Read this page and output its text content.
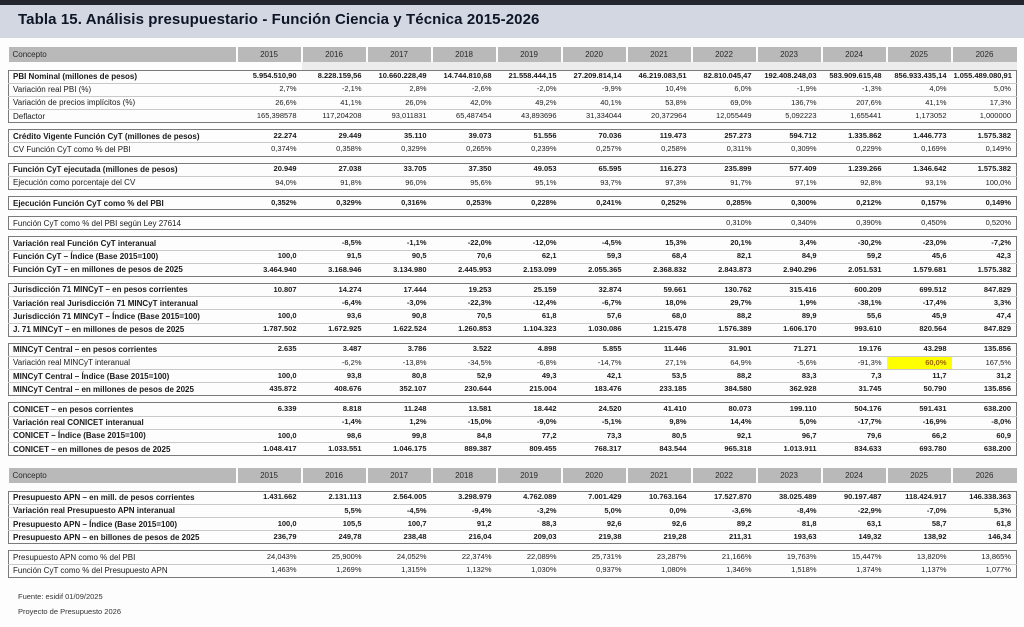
Tabla 15. Análisis presupuestario - Función Ciencia y Técnica 2015-2026
Concepto	2015	2016	2017	2018	2019	2020	2021	2022	2023	2024	2025	2026

PBI Nominal (millones de pesos)	5.954.510,90	8.228.159,56	10.660.228,49	14.744.810,68	21.558.444,15	27.209.814,14	46.219.083,51	82.810.045,47	192.408.248,03	583.909.615,48	856.933.435,14	1.055.489.080,91
Variación real PBI (%)	2,7%	-2,1%	2,8%	-2,6%	-2,0%	-9,9%	10,4%	6,0%	-1,9%	-1,3%	4,0%	5,0%
Variación de precios implícitos (%)	26,6%	41,1%	26,0%	42,0%	49,2%	40,1%	53,8%	69,0%	136,7%	207,6%	41,1%	17,3%
Deflactor	165,398578	117,204208	93,011831	65,487454	43,893696	31,334044	20,372964	12,055449	5,092223	1,655441	1,173052	1,000000

Crédito Vigente Función CyT (millones de pesos)	22.274	29.449	35.110	39.073	51.556	70.036	119.473	257.273	594.712	1.335.862	1.446.773	1.575.382
CV Función CyT como % del PBI	0,374%	0,358%	0,329%	0,265%	0,239%	0,257%	0,258%	0,311%	0,309%	0,229%	0,169%	0,149%

Función CyT ejecutada (millones de pesos)	20.949	27.038	33.705	37.350	49.053	65.595	116.273	235.899	577.409	1.239.266	1.346.642	1.575.382
Ejecución como porcentaje del CV	94,0%	91,8%	96,0%	95,6%	95,1%	93,7%	97,3%	91,7%	97,1%	92,8%	93,1%	100,0%

Ejecución Función CyT como % del PBI	0,352%	0,329%	0,316%	0,253%	0,228%	0,241%	0,252%	0,285%	0,300%	0,212%	0,157%	0,149%

Función CyT como % del PBI según Ley 27614								0,310%	0,340%	0,390%	0,450%	0,520%

Variación real Función CyT interanual		-8,5%	-1,1%	-22,0%	-12,0%	-4,5%	15,3%	20,1%	3,4%	-30,2%	-23,0%	-7,2%
Función CyT – Índice (Base 2015=100)	100,0	91,5	90,5	70,6	62,1	59,3	68,4	82,1	84,9	59,2	45,6	42,3
Función CyT – en millones de pesos de 2025	3.464.940	3.168.946	3.134.980	2.445.953	2.153.099	2.055.365	2.368.832	2.843.873	2.940.296	2.051.531	1.579.681	1.575.382

Jurisdicción 71 MINCyT – en pesos corrientes	10.807	14.274	17.444	19.253	25.159	32.874	59.661	130.762	315.416	600.209	699.512	847.829
Variación real Jurisdicción 71 MINCyT interanual		-6,4%	-3,0%	-22,3%	-12,4%	-6,7%	18,0%	29,7%	1,9%	-38,1%	-17,4%	3,3%
Jurisdicción 71 MINCyT – Índice (Base 2015=100)	100,0	93,6	90,8	70,5	61,8	57,6	68,0	88,2	89,9	55,6	45,9	47,4
J. 71 MINCyT – en millones de pesos de 2025	1.787.502	1.672.925	1.622.524	1.260.853	1.104.323	1.030.086	1.215.478	1.576.389	1.606.170	993.610	820.564	847.829

MINCyT Central – en pesos corrientes	2.635	3.487	3.786	3.522	4.898	5.855	11.446	31.901	71.271	19.176	43.298	135.856
Variación real MINCyT interanual		-6,2%	-13,8%	-34,5%	-6,8%	-14,7%	27,1%	64,9%	-5,6%	-91,3%	60,0%	167,5%
MINCyT Central – Índice (Base 2015=100)	100,0	93,8	80,8	52,9	49,3	42,1	53,5	88,2	83,3	7,3	11,7	31,2
MINCyT Central – en millones de pesos de 2025	435.872	408.676	352.107	230.644	215.004	183.476	233.185	384.580	362.928	31.745	50.790	135.856

CONICET – en pesos corrientes	6.339	8.818	11.248	13.581	18.442	24.520	41.410	80.073	199.110	504.176	591.431	638.200
Variación real CONICET interanual		-1,4%	1,2%	-15,0%	-9,0%	-5,1%	9,8%	14,4%	5,0%	-17,7%	-16,9%	-8,0%
CONICET – Índice (Base 2015=100)	100,0	98,6	99,8	84,8	77,2	73,3	80,5	92,1	96,7	79,6	66,2	60,9
CONICET – en millones de pesos de 2025	1.048.417	1.033.551	1.046.175	889.387	809.455	768.317	843.544	965.318	1.013.911	834.633	693.780	638.200
Concepto	2015	2016	2017	2018	2019	2020	2021	2022	2023	2024	2025	2026

Presupuesto APN – en mill. de pesos corrientes	1.431.662	2.131.113	2.564.005	3.298.979	4.762.089	7.001.429	10.763.164	17.527.870	38.025.489	90.197.487	118.424.917	146.338.363
Variación real Presupuesto APN interanual		5,5%	-4,5%	-9,4%	-3,2%	5,0%	0,0%	-3,6%	-8,4%	-22,9%	-7,0%	5,3%
Presupuesto APN – Índice (Base 2015=100)	100,0	105,5	100,7	91,2	88,3	92,6	92,6	89,2	81,8	63,1	58,7	61,8
Presupuesto APN – en billones de pesos de 2025	236,79	249,78	238,48	216,04	209,03	219,38	219,28	211,31	193,63	149,32	138,92	146,34

Presupuesto APN como % del PBI	24,043%	25,900%	24,052%	22,374%	22,089%	25,731%	23,287%	21,166%	19,763%	15,447%	13,820%	13,865%
Función CyT como % del Presupuesto APN	1,463%	1,269%	1,315%	1,132%	1,030%	0,937%	1,080%	1,346%	1,518%	1,374%	1,137%	1,077%
Fuente: esidif 01/09/2025
Proyecto de Presupuesto 2026
